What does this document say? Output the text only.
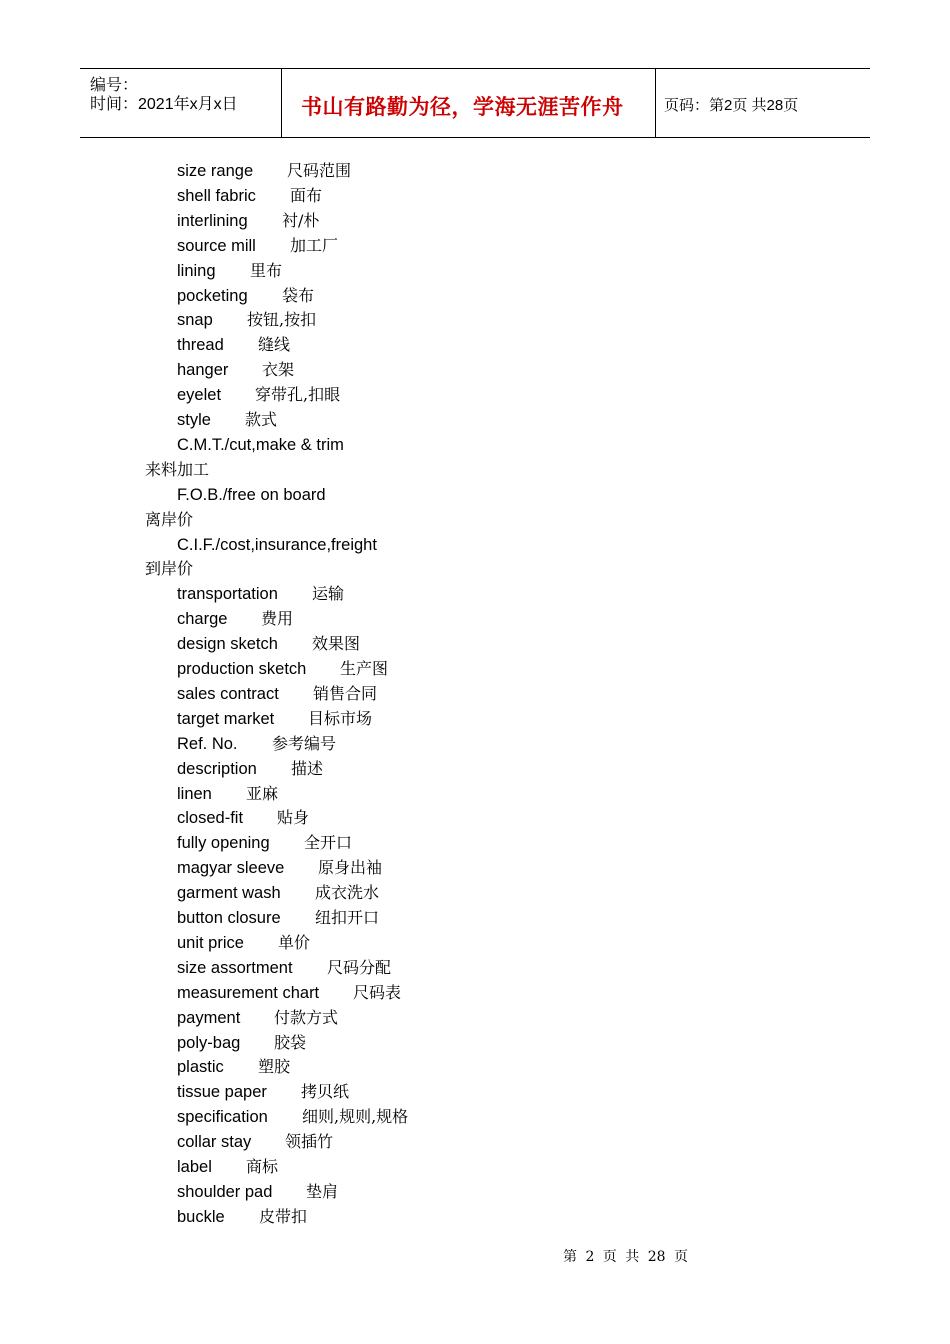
编号：
时间：2021年x月x日	书山有路勤为径，学海无涯苦作舟	页码：第2页 共28页
size range 尺码范围
shell fabric 面布
interlining 衬/朴
source mill 加工厂
lining 里布
pocketing 袋布
snap 按钮,按扣
thread 缝线
hanger 衣架
eyelet 穿带孔,扣眼
style 款式
C.M.T./cut,make & trim
来料加工
F.O.B./free on board
离岸价
C.I.F./cost,insurance,freight
到岸价
transportation 运输
charge 费用
design sketch 效果图
production sketch 生产图
sales contract 销售合同
target market 目标市场
Ref. No. 参考编号
description 描述
linen 亚麻
closed-fit 贴身
fully opening 全开口
magyar sleeve 原身出袖
garment wash 成衣洗水
button closure 纽扣开口
unit price 单价
size assortment 尺码分配
measurement chart 尺码表
payment 付款方式
poly-bag 胶袋
plastic 塑胶
tissue paper 拷贝纸
specification 细则,规则,规格
collar stay 领插竹
label 商标
shoulder pad 垫肩
buckle 皮带扣
第 2 页 共 28 页
